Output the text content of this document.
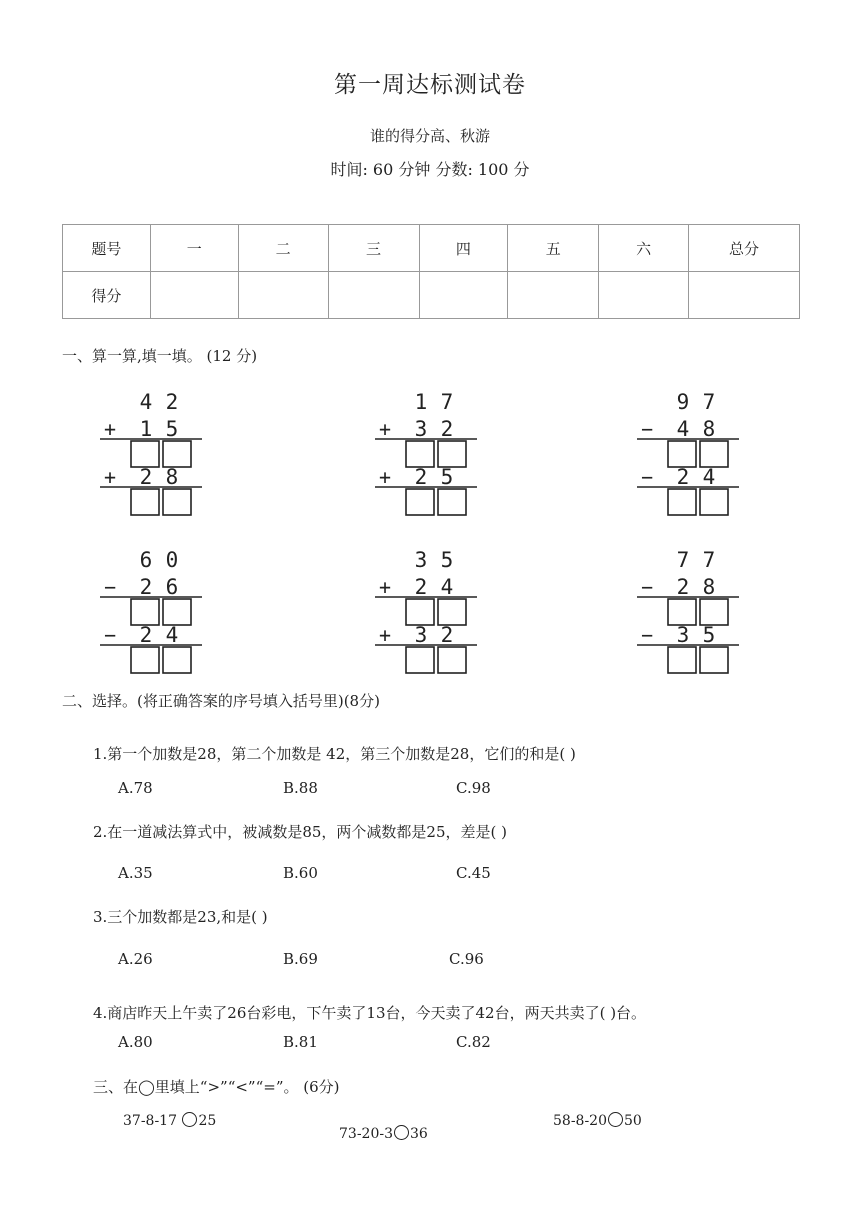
第一周达标测试卷
谁的得分高、秋游
时间: 60 分钟 分数: 100 分
题号	一	二	三	四	五	六	总分
得分							
一、算一算,填一填。 (12 分)
4 2
+ 1 5
+ 2 8
1 7
+ 3 2
+ 2 5
9 7
− 4 8
− 2 4
6 0
− 2 6
− 2 4
3 5
+ 2 4
+ 3 2
7 7
− 2 8
− 3 5
二、选择。(将正确答案的序号填入括号里)(8分)
1.第一个加数是28，第二个加数是 42，第三个加数是28，它们的和是( )
A.78	B.88	C.98
2.在一道减法算式中，被减数是85，两个减数都是25，差是( )
A.35	B.60	C.45
3.三个加数都是23,和是( )
A.26	B.69	C.96
4.商店昨天上午卖了26台彩电，下午卖了13台，今天卖了42台，两天共卖了( )台。
A.80	B.81	C.82
三、在◯里填上“>”“<”“=”。 (6分)
37-8-17 25
73-20-3 36
58-8-20 50
